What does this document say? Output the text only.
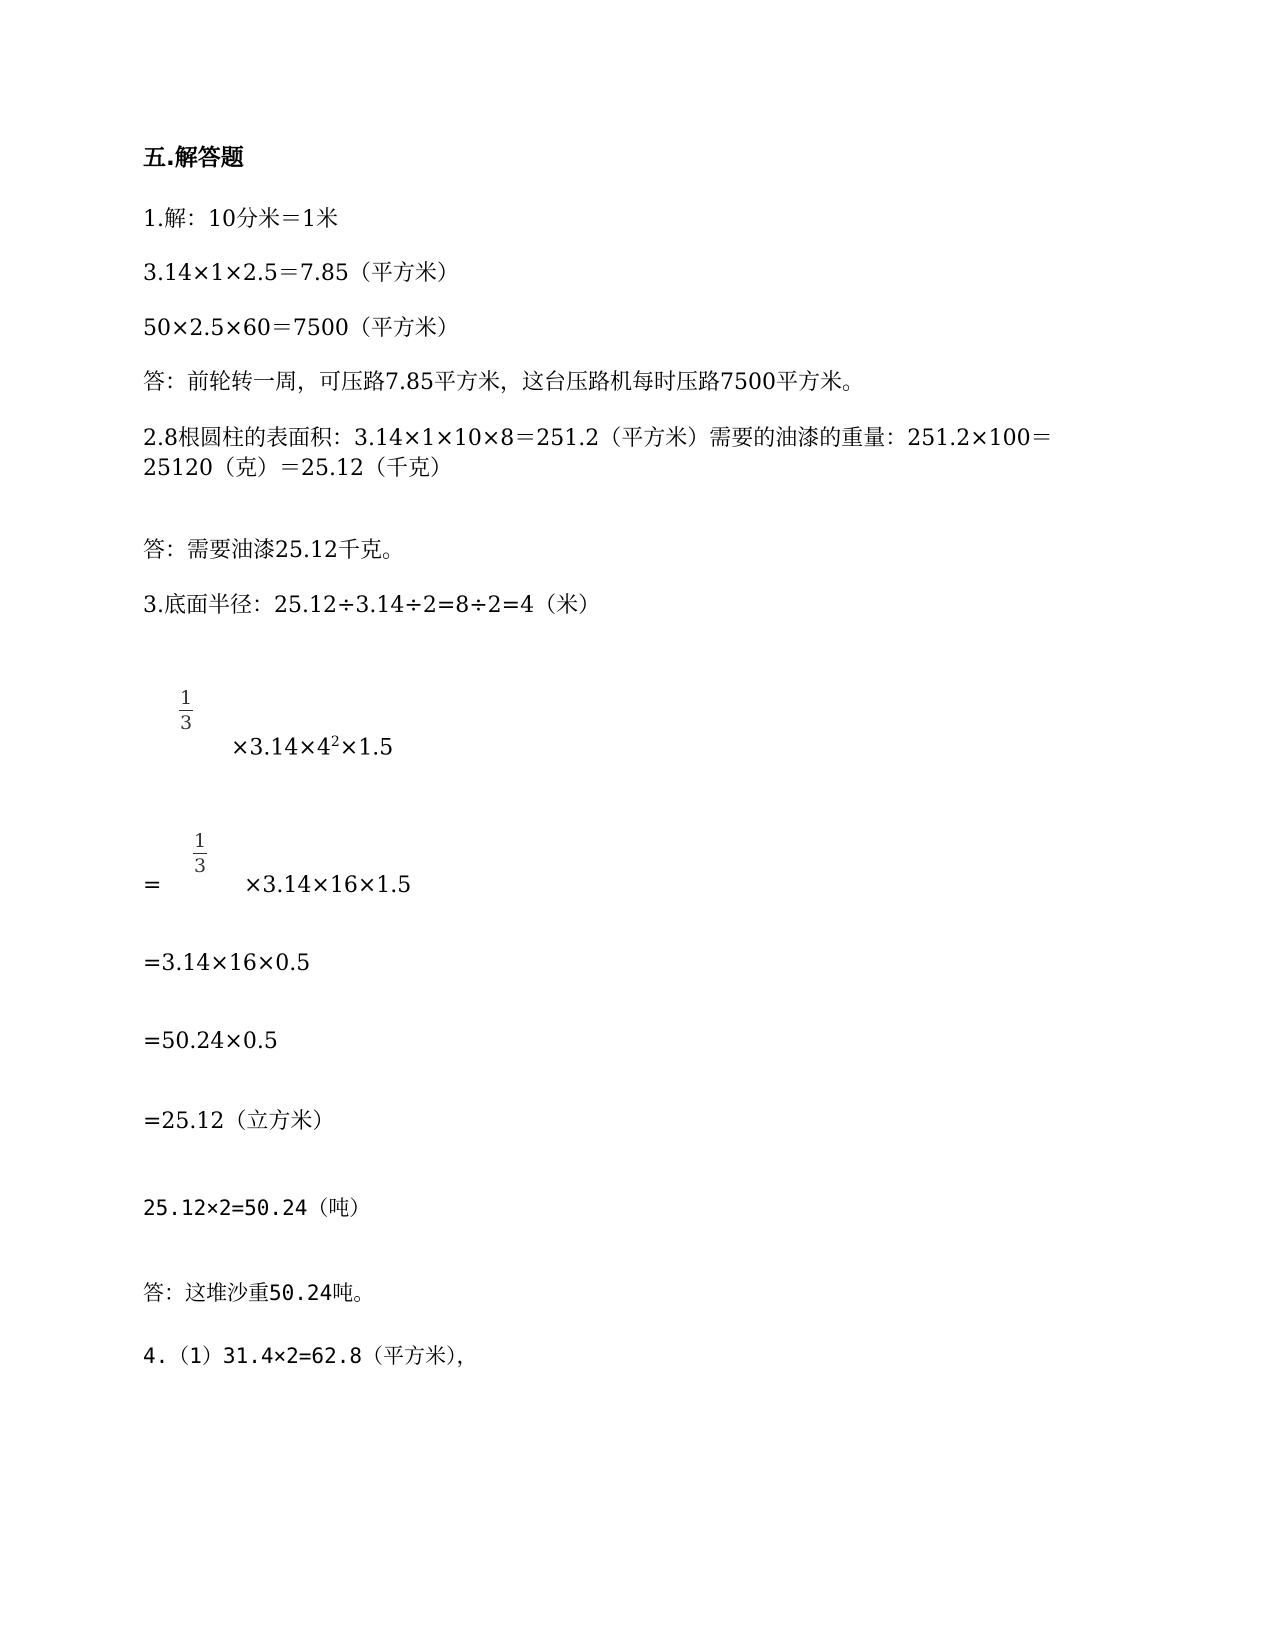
五.解答题
1.解：10分米＝1米
3.14×1×2.5＝7.85（平方米）
50×2.5×60＝7500（平方米）
答：前轮转一周，可压路7.85平方米，这台压路机每时压路7500平方米。
2.8根圆柱的表面积：3.14×1×10×8＝251.2（平方米）需要的油漆的重量：251.2×100＝
25120（克）＝25.12（千克）
答：需要油漆25.12千克。
3.底面半径：25.12÷3.14÷2=8÷2=4（米）
1
3
$\times 3.14\times 4^2\times 1.5$
=
1
3
×3.14×16×1.5
=3.14×16×0.5
=50.24×0.5
=25.12（立方米）
25.12×2=50.24（吨）
答：这堆沙重50.24吨。
4.（1）31.4×2=62.8（平方米），
